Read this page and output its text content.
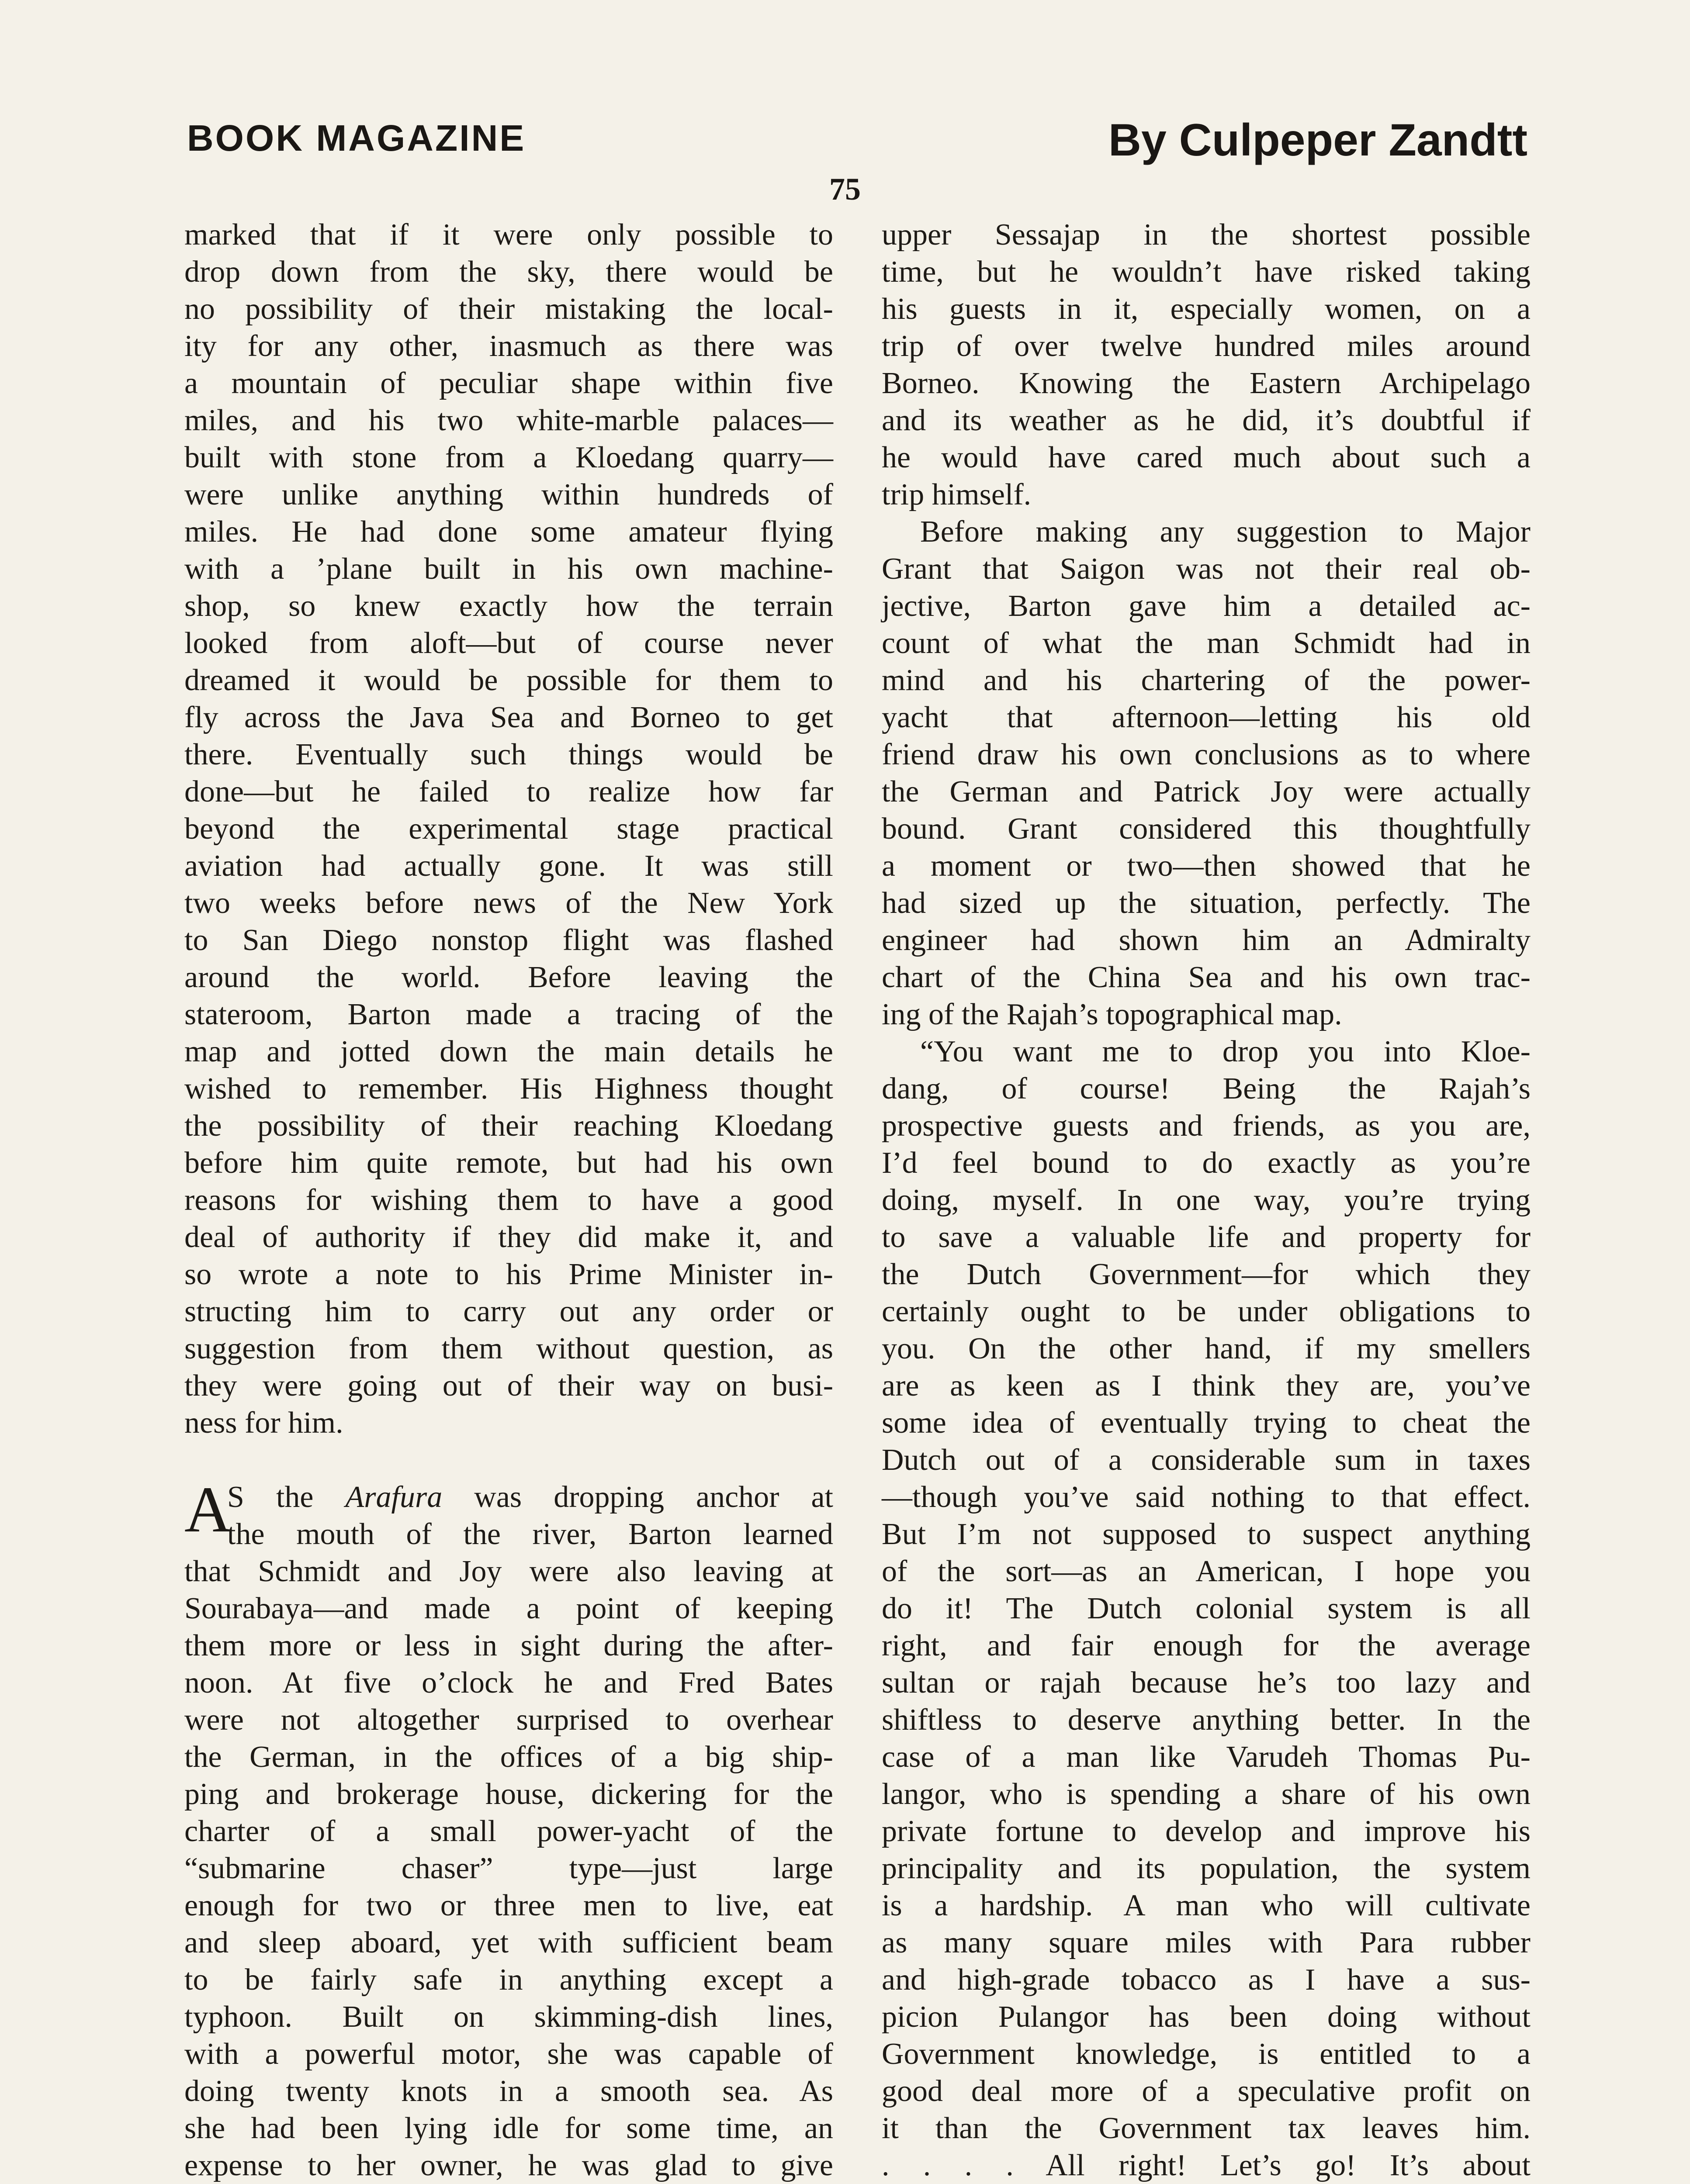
BOOK MAGAZINE	By Culpeper Zandtt
75
marked that if it were only possible to
drop down from the sky, there would be
no possibility of their mistaking the local-
ity for any other, inasmuch as there was
a mountain of peculiar shape within five
miles, and his two white-marble palaces—
built with stone from a Kloedang quarry—
were unlike anything within hundreds of
miles. He had done some amateur flying
with a ’plane built in his own machine-
shop, so knew exactly how the terrain
looked from aloft—but of course never
dreamed it would be possible for them to
fly across the Java Sea and Borneo to get
there. Eventually such things would be
done—but he failed to realize how far
beyond the experimental stage practical
aviation had actually gone. It was still
two weeks before news of the New York
to San Diego nonstop flight was flashed
around the world. Before leaving the
stateroom, Barton made a tracing of the
map and jotted down the main details he
wished to remember. His Highness thought
the possibility of their reaching Kloedang
before him quite remote, but had his own
reasons for wishing them to have a good
deal of authority if they did make it, and
so wrote a note to his Prime Minister in-
structing him to carry out any order or
suggestion from them without question, as
they were going out of their way on busi-
ness for him.
A
S the Arafura was dropping anchor at
the mouth of the river, Barton learned
that Schmidt and Joy were also leaving at
Sourabaya—and made a point of keeping
them more or less in sight during the after-
noon. At five o’clock he and Fred Bates
were not altogether surprised to overhear
the German, in the offices of a big ship-
ping and brokerage house, dickering for the
charter of a small power-yacht of the
“submarine chaser” type—just large
enough for two or three men to live, eat
and sleep aboard, yet with sufficient beam
to be fairly safe in anything except a
typhoon. Built on skimming-dish lines,
with a powerful motor, she was capable of
doing twenty knots in a smooth sea. As
she had been lying idle for some time, an
expense to her owner, he was glad to give
upper Sessajap in the shortest possible
time, but he wouldn’t have risked taking
his guests in it, especially women, on a
trip of over twelve hundred miles around
Borneo. Knowing the Eastern Archipelago
and its weather as he did, it’s doubtful if
he would have cared much about such a
trip himself.
Before making any suggestion to Major
Grant that Saigon was not their real ob-
jective, Barton gave him a detailed ac-
count of what the man Schmidt had in
mind and his chartering of the power-
yacht that afternoon—letting his old
friend draw his own conclusions as to where
the German and Patrick Joy were actually
bound. Grant considered this thoughtfully
a moment or two—then showed that he
had sized up the situation, perfectly. The
engineer had shown him an Admiralty
chart of the China Sea and his own trac-
ing of the Rajah’s topographical map.
“You want me to drop you into Kloe-
dang, of course! Being the Rajah’s
prospective guests and friends, as you are,
I’d feel bound to do exactly as you’re
doing, myself. In one way, you’re trying
to save a valuable life and property for
the Dutch Government—for which they
certainly ought to be under obligations to
you. On the other hand, if my smellers
are as keen as I think they are, you’ve
some idea of eventually trying to cheat the
Dutch out of a considerable sum in taxes
—though you’ve said nothing to that effect.
But I’m not supposed to suspect anything
of the sort—as an American, I hope you
do it! The Dutch colonial system is all
right, and fair enough for the average
sultan or rajah because he’s too lazy and
shiftless to deserve anything better. In the
case of a man like Varudeh Thomas Pu-
langor, who is spending a share of his own
private fortune to develop and improve his
principality and its population, the system
is a hardship. A man who will cultivate
as many square miles with Para rubber
and high-grade tobacco as I have a sus-
picion Pulangor has been doing without
Government knowledge, is entitled to a
good deal more of a speculative profit on
it than the Government tax leaves him.
. . . . All right! Let’s go! It’s about
